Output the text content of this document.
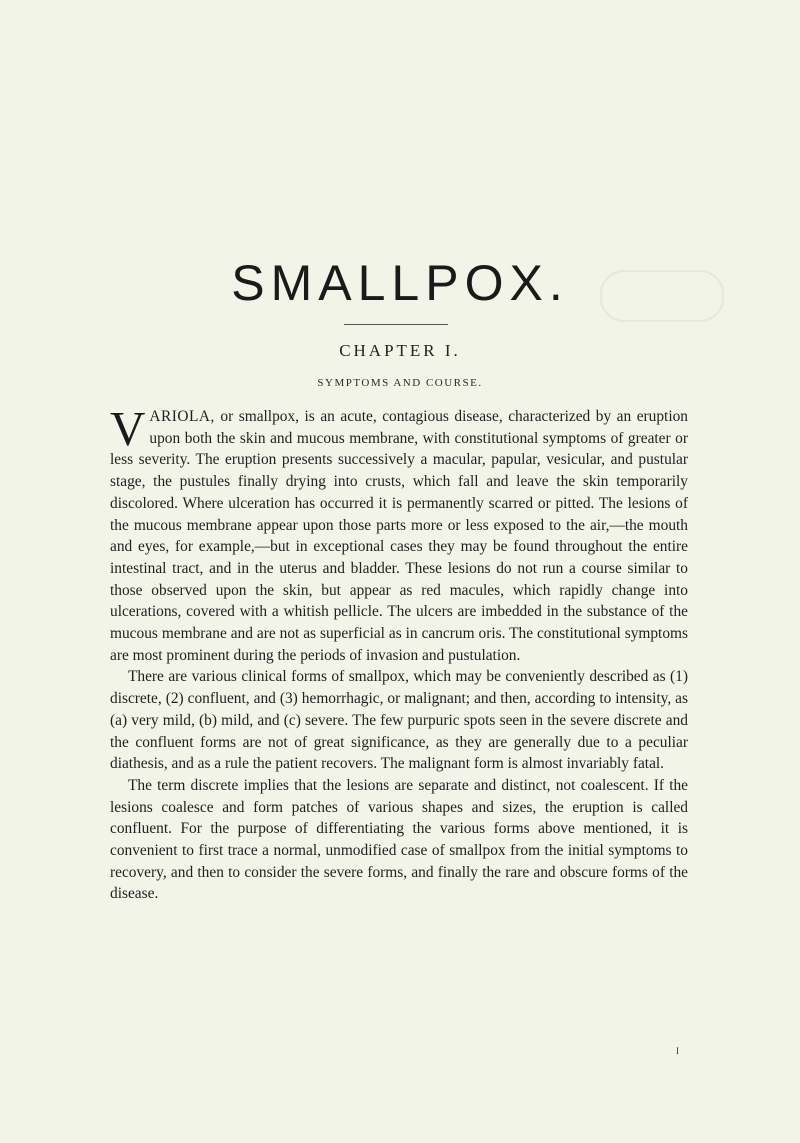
SMALLPOX.
CHAPTER I.
SYMPTOMS AND COURSE.

VARIOLA, or smallpox, is an acute, contagious disease, characterized by an eruption upon both the skin and mucous membrane, with constitutional symptoms of greater or less severity. The eruption presents successively a macular, papular, vesicular, and pustular stage, the pustules finally drying into crusts, which fall and leave the skin temporarily discolored. Where ulceration has occurred it is permanently scarred or pitted. The lesions of the mucous membrane appear upon those parts more or less exposed to the air,—the mouth and eyes, for example,—but in exceptional cases they may be found throughout the entire intestinal tract, and in the uterus and bladder. These lesions do not run a course similar to those observed upon the skin, but appear as red macules, which rapidly change into ulcerations, covered with a whitish pellicle. The ulcers are imbedded in the substance of the mucous membrane and are not as superficial as in cancrum oris. The constitutional symptoms are most prominent during the periods of invasion and pustulation.

There are various clinical forms of smallpox, which may be conveniently described as (1) discrete, (2) confluent, and (3) hemorrhagic, or malignant; and then, according to intensity, as (a) very mild, (b) mild, and (c) severe. The few purpuric spots seen in the severe discrete and the confluent forms are not of great significance, as they are generally due to a peculiar diathesis, and as a rule the patient recovers. The malignant form is almost invariably fatal.

The term discrete implies that the lesions are separate and distinct, not coalescent. If the lesions coalesce and form patches of various shapes and sizes, the eruption is called confluent. For the purpose of differentiating the various forms above mentioned, it is convenient to first trace a normal, unmodified case of smallpox from the initial symptoms to recovery, and then to consider the severe forms, and finally the rare and obscure forms of the disease.

I
